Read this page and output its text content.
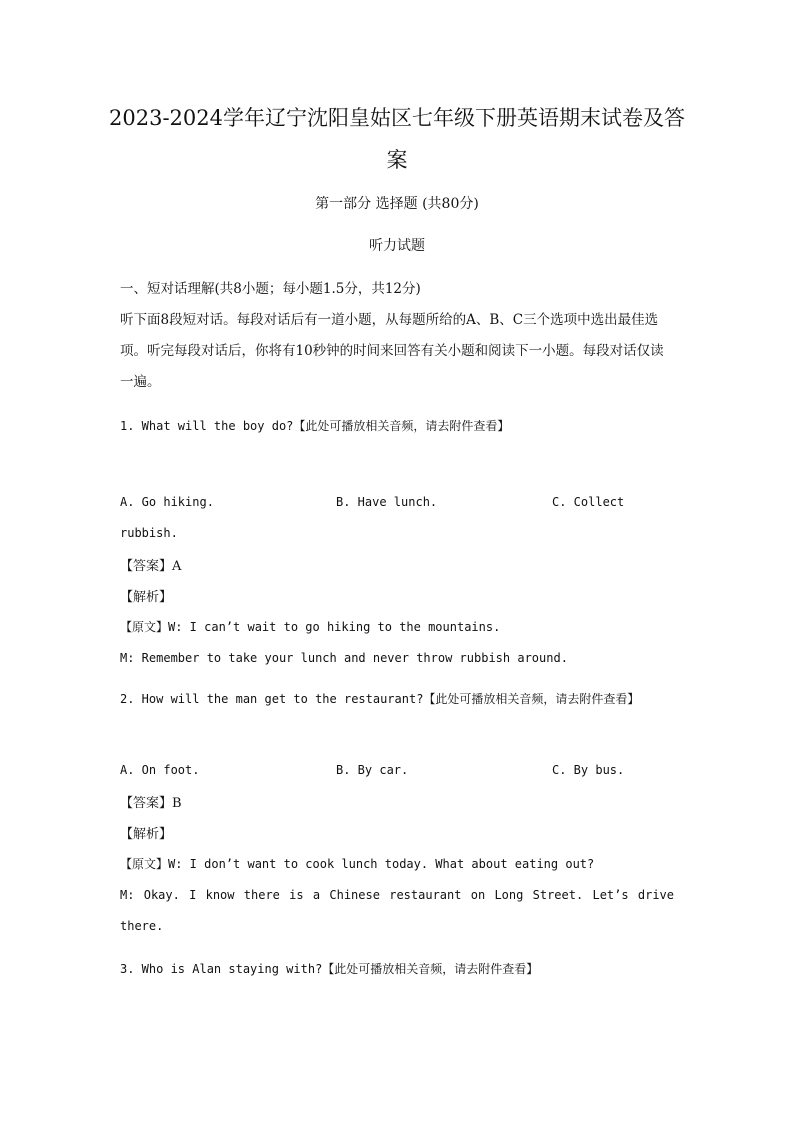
2023-2024学年辽宁沈阳皇姑区七年级下册英语期末试卷及答案
第一部分 选择题 (共80分)
听力试题
一、短对话理解(共8小题；每小题1.5分，共12分)
听下面8段短对话。每段对话后有一道小题，从每题所给的A、B、C三个选项中选出最佳选项。听完每段对话后，你将有10秒钟的时间来回答有关小题和阅读下一小题。每段对话仅读一遍。
1. What will the boy do?【此处可播放相关音频，请去附件查看】
A. Go hiking.	B. Have lunch.	C. Collect
rubbish.
【答案】A
【解析】
【原文】W: I can’t wait to go hiking to the mountains.
M: Remember to take your lunch and never throw rubbish around.
2. How will the man get to the restaurant?【此处可播放相关音频，请去附件查看】
A. On foot.	B. By car.	C. By bus.
【答案】B
【解析】
【原文】W: I don’t want to cook lunch today. What about eating out?
M: Okay. I know there is a Chinese restaurant on Long Street. Let’s drive
there.
3. Who is Alan staying with?【此处可播放相关音频，请去附件查看】
